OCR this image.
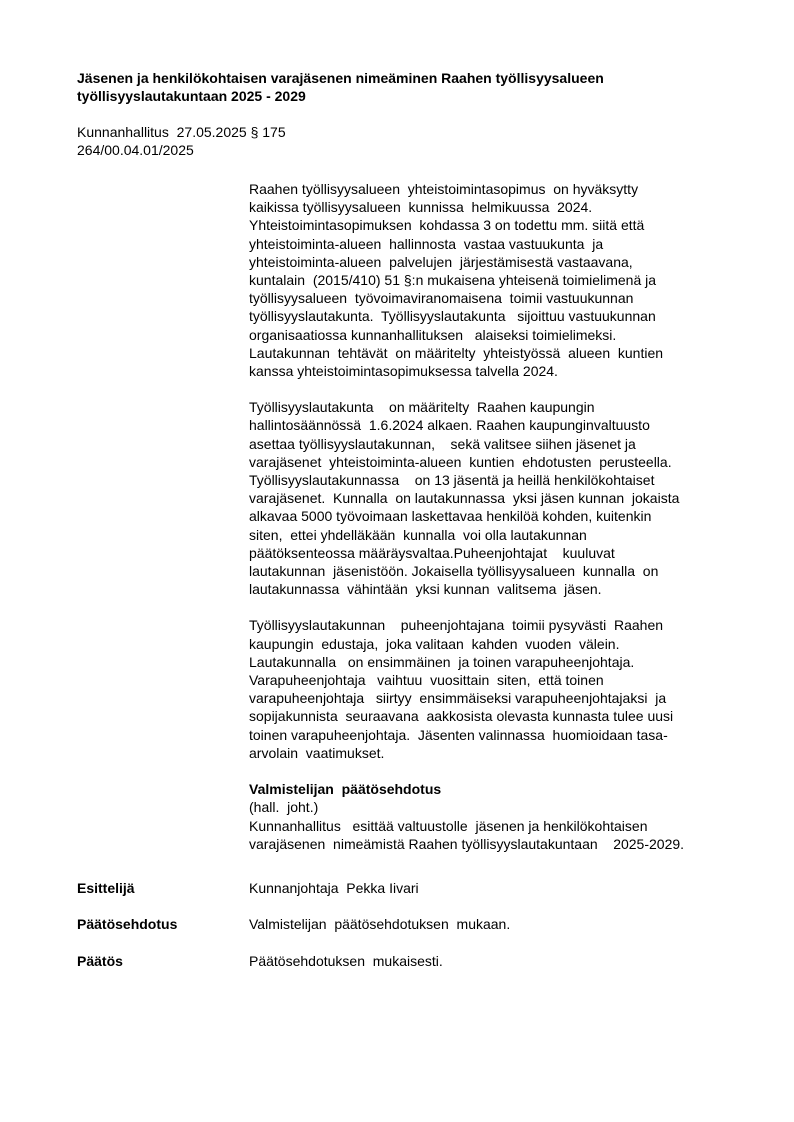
Jäsenen ja henkilökohtaisen varajäsenen nimeäminen Raahen työllisyysalueen
työllisyyslautakuntaan 2025 - 2029
Kunnanhallitus  27.05.2025 § 175
264/00.04.01/2025
Raahen työllisyysalueen  yhteistoimintasopimus  on hyväksytty
kaikissa työllisyysalueen  kunnissa  helmikuussa  2024.
Yhteistoimintasopimuksen  kohdassa 3 on todettu mm. siitä että
yhteistoiminta-alueen  hallinnosta  vastaa vastuukunta  ja
yhteistoiminta-alueen  palvelujen  järjestämisestä vastaavana,
kuntalain  (2015/410) 51 §:n mukaisena yhteisenä toimielimenä ja
työllisyysalueen  työvoimaviranomaisena  toimii vastuukunnan
työllisyyslautakunta.  Työllisyyslautakunta   sijoittuu vastuukunnan
organisaatiossa kunnanhallituksen   alaiseksi toimielimeksi.
Lautakunnan  tehtävät  on määritelty  yhteistyössä  alueen  kuntien
kanssa yhteistoimintasopimuksessa talvella 2024.
Työllisyyslautakunta    on määritelty  Raahen kaupungin
hallintosäännössä  1.6.2024 alkaen. Raahen kaupunginvaltuusto
asettaa työllisyyslautakunnan,    sekä valitsee siihen jäsenet ja
varajäsenet  yhteistoiminta-alueen  kuntien  ehdotusten  perusteella.
Työllisyyslautakunnassa    on 13 jäsentä ja heillä henkilökohtaiset
varajäsenet.  Kunnalla  on lautakunnassa  yksi jäsen kunnan  jokaista
alkavaa 5000 työvoimaan laskettavaa henkilöä kohden, kuitenkin
siten,  ettei yhdelläkään  kunnalla  voi olla lautakunnan
päätöksenteossa määräysvaltaa.Puheenjohtajat    kuuluvat
lautakunnan  jäsenistöön. Jokaisella työllisyysalueen  kunnalla  on
lautakunnassa  vähintään  yksi kunnan  valitsema  jäsen.
Työllisyyslautakunnan    puheenjohtajana  toimii pysyvästi  Raahen
kaupungin  edustaja,  joka valitaan  kahden  vuoden  välein.
Lautakunnalla   on ensimmäinen  ja toinen varapuheenjohtaja.
Varapuheenjohtaja   vaihtuu  vuosittain  siten,  että toinen
varapuheenjohtaja   siirtyy  ensimmäiseksi varapuheenjohtajaksi  ja
sopijakunnista  seuraavana  aakkosista olevasta kunnasta tulee uusi
toinen varapuheenjohtaja.  Jäsenten valinnassa  huomioidaan tasa-
arvolain  vaatimukset.
Valmistelijan  päätösehdotus
(hall.  joht.)
Kunnanhallitus   esittää valtuustolle  jäsenen ja henkilökohtaisen
varajäsenen  nimeämistä Raahen työllisyyslautakuntaan    2025-2029.
Esittelijä	Kunnanjohtaja  Pekka Iivari
Päätösehdotus	Valmistelijan  päätösehdotuksen  mukaan.
Päätös	Päätösehdotuksen  mukaisesti.
